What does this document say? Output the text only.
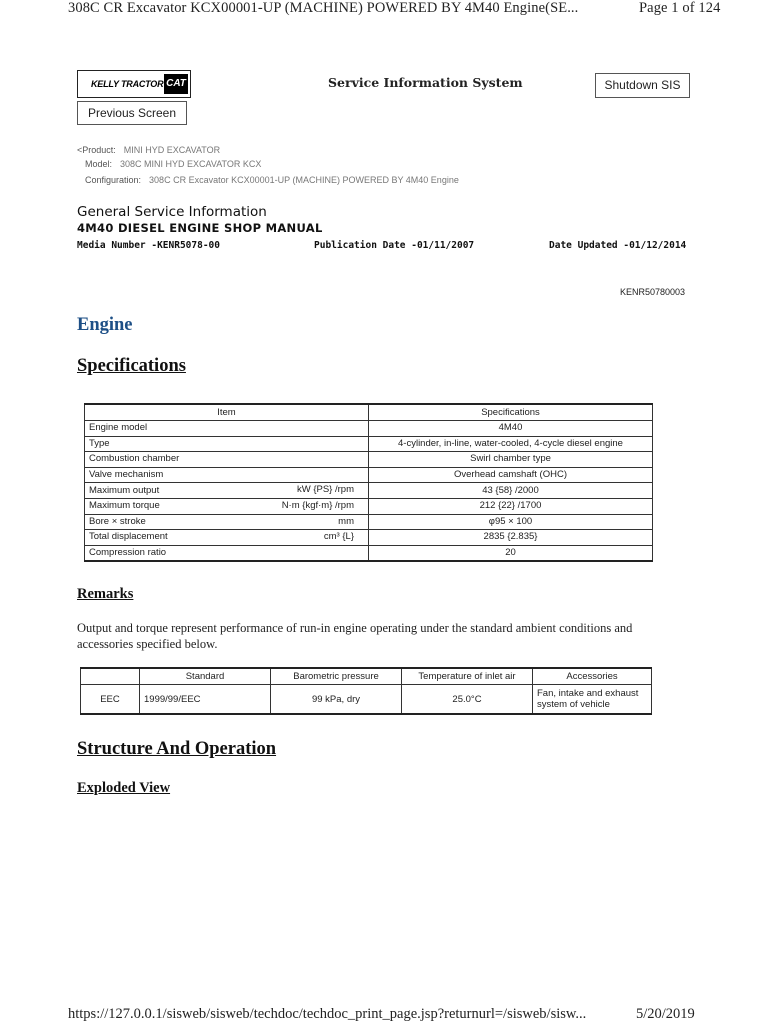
308C CR Excavator KCX00001-UP (MACHINE) POWERED BY 4M40 Engine(SE...	Page 1 of 124
KELLY TRACTOR CAT	Service Information System	Shutdown SIS
Previous Screen
<Product: MINI HYD EXCAVATOR
Model: 308C MINI HYD EXCAVATOR KCX
Configuration: 308C CR Excavator KCX00001-UP (MACHINE) POWERED BY 4M40 Engine
General Service Information
4M40 DIESEL ENGINE SHOP MANUAL
Media Number -KENR5078-00	Publication Date -01/11/2007	Date Updated -01/12/2014
KENR50780003
Engine
Specifications
Item	Specifications
Engine model	4M40
Type	4-cylinder, in-line, water-cooled, 4-cycle diesel engine
Combustion chamber	Swirl chamber type
Valve mechanism	Overhead camshaft (OHC)
Maximum output kW {PS} /rpm	43 {58} /2000
Maximum torque N·m {kgf·m} /rpm	212 {22} /1700
Bore × stroke mm	φ95 × 100
Total displacement cm³ {L}	2835 {2.835}
Compression ratio	20
Remarks
Output and torque represent performance of run-in engine operating under the standard ambient conditions and accessories specified below.
	Standard	Barometric pressure	Temperature of inlet air	Accessories
EEC	1999/99/EEC	99 kPa, dry	25.0°C	Fan, intake and exhaust system of vehicle
Structure And Operation
Exploded View
https://127.0.0.1/sisweb/sisweb/techdoc/techdoc_print_page.jsp?returnurl=/sisweb/sisw...	5/20/2019
